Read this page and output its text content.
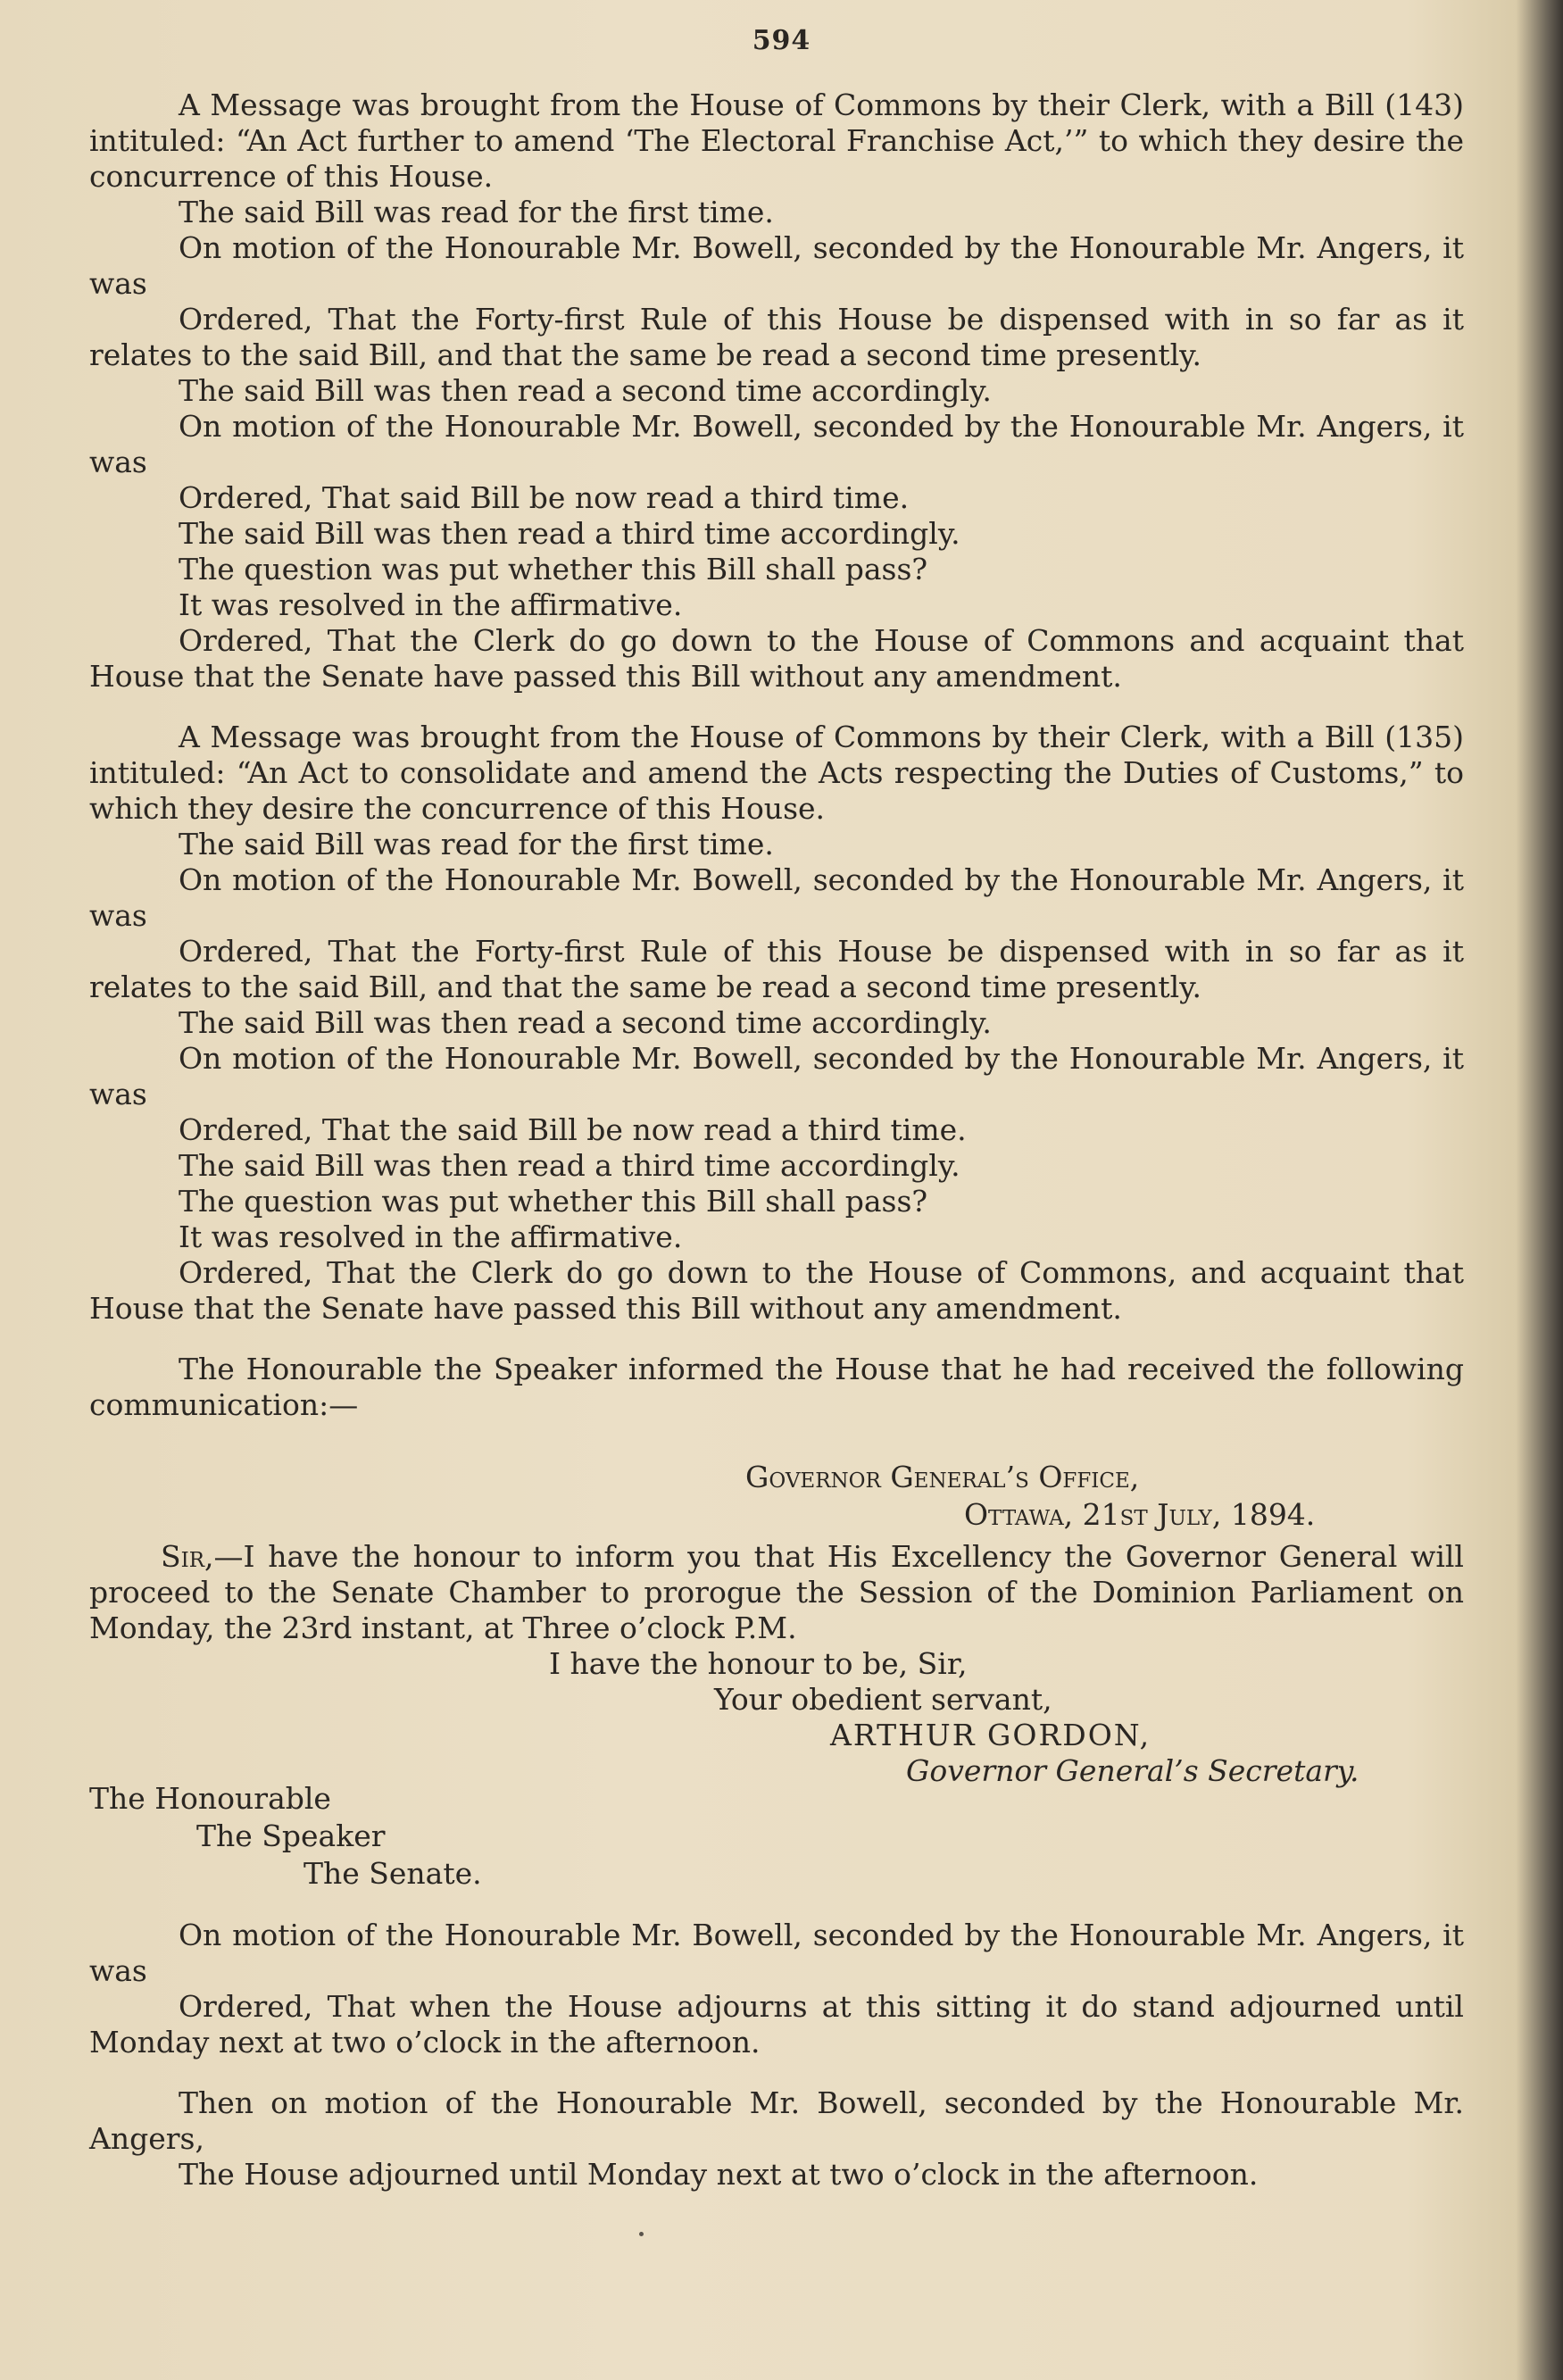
594

A Message was brought from the House of Commons by their Clerk, with a Bill (143) intituled: “An Act further to amend ‘The Electoral Franchise Act,’” to which they desire the concurrence of this House.

The said Bill was read for the first time.

On motion of the Honourable Mr. Bowell, seconded by the Honourable Mr. Angers, it was

Ordered, That the Forty-first Rule of this House be dispensed with in so far as it relates to the said Bill, and that the same be read a second time presently.

The said Bill was then read a second time accordingly.

On motion of the Honourable Mr. Bowell, seconded by the Honourable Mr. Angers, it was

Ordered, That said Bill be now read a third time.

The said Bill was then read a third time accordingly.

The question was put whether this Bill shall pass?

It was resolved in the affirmative.

Ordered, That the Clerk do go down to the House of Commons and acquaint that House that the Senate have passed this Bill without any amendment.

A Message was brought from the House of Commons by their Clerk, with a Bill (135) intituled: “An Act to consolidate and amend the Acts respecting the Duties of Customs,” to which they desire the concurrence of this House.

The said Bill was read for the first time.

On motion of the Honourable Mr. Bowell, seconded by the Honourable Mr. Angers, it was

Ordered, That the Forty-first Rule of this House be dispensed with in so far as it relates to the said Bill, and that the same be read a second time presently.

The said Bill was then read a second time accordingly.

On motion of the Honourable Mr. Bowell, seconded by the Honourable Mr. Angers, it was

Ordered, That the said Bill be now read a third time.

The said Bill was then read a third time accordingly.

The question was put whether this Bill shall pass?

It was resolved in the affirmative.

Ordered, That the Clerk do go down to the House of Commons, and acquaint that House that the Senate have passed this Bill without any amendment.

The Honourable the Speaker informed the House that he had received the following communication:—

Governor General’s Office,
Ottawa, 21st July, 1894.

Sir,—I have the honour to inform you that His Excellency the Governor General will proceed to the Senate Chamber to prorogue the Session of the Dominion Parliament on Monday, the 23rd instant, at Three o’clock P.M.

I have the honour to be, Sir,
Your obedient servant,
ARTHUR GORDON,
Governor General’s Secretary.
The Honourable
The Speaker
The Senate.

On motion of the Honourable Mr. Bowell, seconded by the Honourable Mr. Angers, it was

Ordered, That when the House adjourns at this sitting it do stand adjourned until Monday next at two o’clock in the afternoon.

Then on motion of the Honourable Mr. Bowell, seconded by the Honourable Mr. Angers,

The House adjourned until Monday next at two o’clock in the afternoon.
